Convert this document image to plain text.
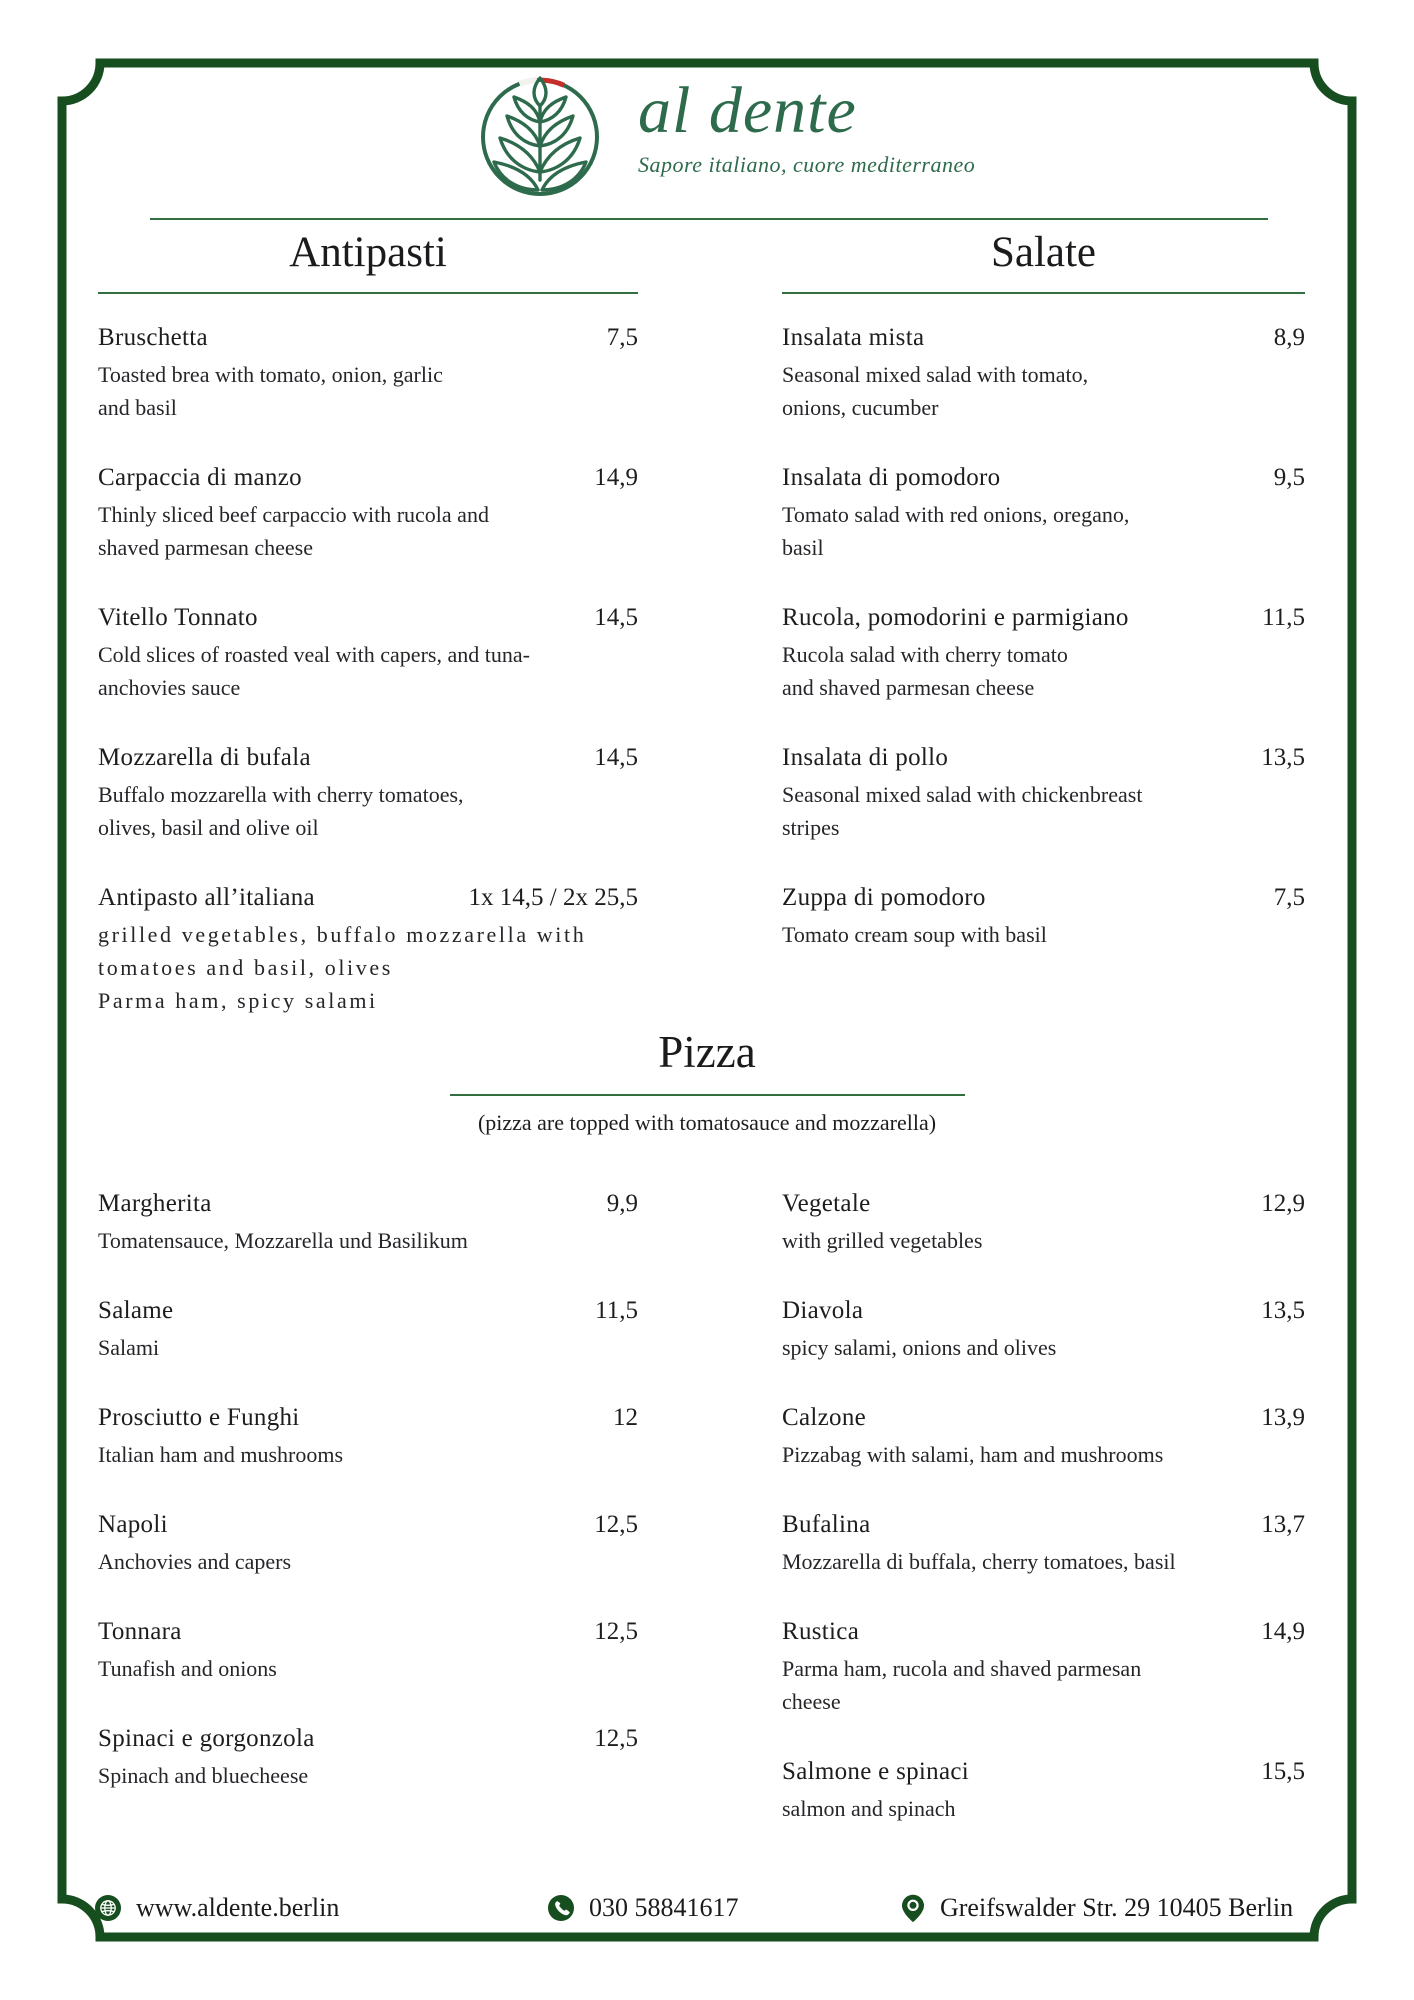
al dente
Sapore italiano, cuore mediterraneo
Antipasti
Bruschetta	7,5
Toasted brea with tomato, onion, garlic
and basil
Carpaccia di manzo	14,9
Thinly sliced beef carpaccio with rucola and
shaved parmesan cheese
Vitello Tonnato	14,5
Cold slices of roasted veal with capers, and tuna-
anchovies sauce
Mozzarella di bufala	14,5
Buffalo mozzarella with cherry tomatoes,
olives, basil and olive oil
Antipasto all’italiana	1x 14,5 / 2x 25,5
grilled vegetables, buffalo mozzarella with
tomatoes and basil, olives
Parma ham, spicy salami
Salate
Insalata mista	8,9
Seasonal mixed salad with tomato,
onions, cucumber
Insalata di pomodoro	9,5
Tomato salad with red onions, oregano,
basil
Rucola, pomodorini e parmigiano	11,5
Rucola salad with cherry tomato
and shaved parmesan cheese
Insalata di pollo	13,5
Seasonal mixed salad with chickenbreast
stripes
Zuppa di pomodoro	7,5
Tomato cream soup with basil
Pizza
(pizza are topped with tomatosauce and mozzarella)
Margherita	9,9
Tomatensauce, Mozzarella und Basilikum
Salame	11,5
Salami
Prosciutto e Funghi	12
Italian ham and mushrooms
Napoli	12,5
Anchovies and capers
Tonnara	12,5
Tunafish and onions
Spinaci e gorgonzola	12,5
Spinach and bluecheese
Vegetale	12,9
with grilled vegetables
Diavola	13,5
spicy salami, onions and olives
Calzone	13,9
Pizzabag with salami, ham and mushrooms
Bufalina	13,7
Mozzarella di buffala, cherry tomatoes, basil
Rustica	14,9
Parma ham, rucola and shaved parmesan
cheese
Salmone e spinaci	15,5
salmon and spinach
www.aldente.berlin	030 58841617	Greifswalder Str. 29 10405 Berlin
